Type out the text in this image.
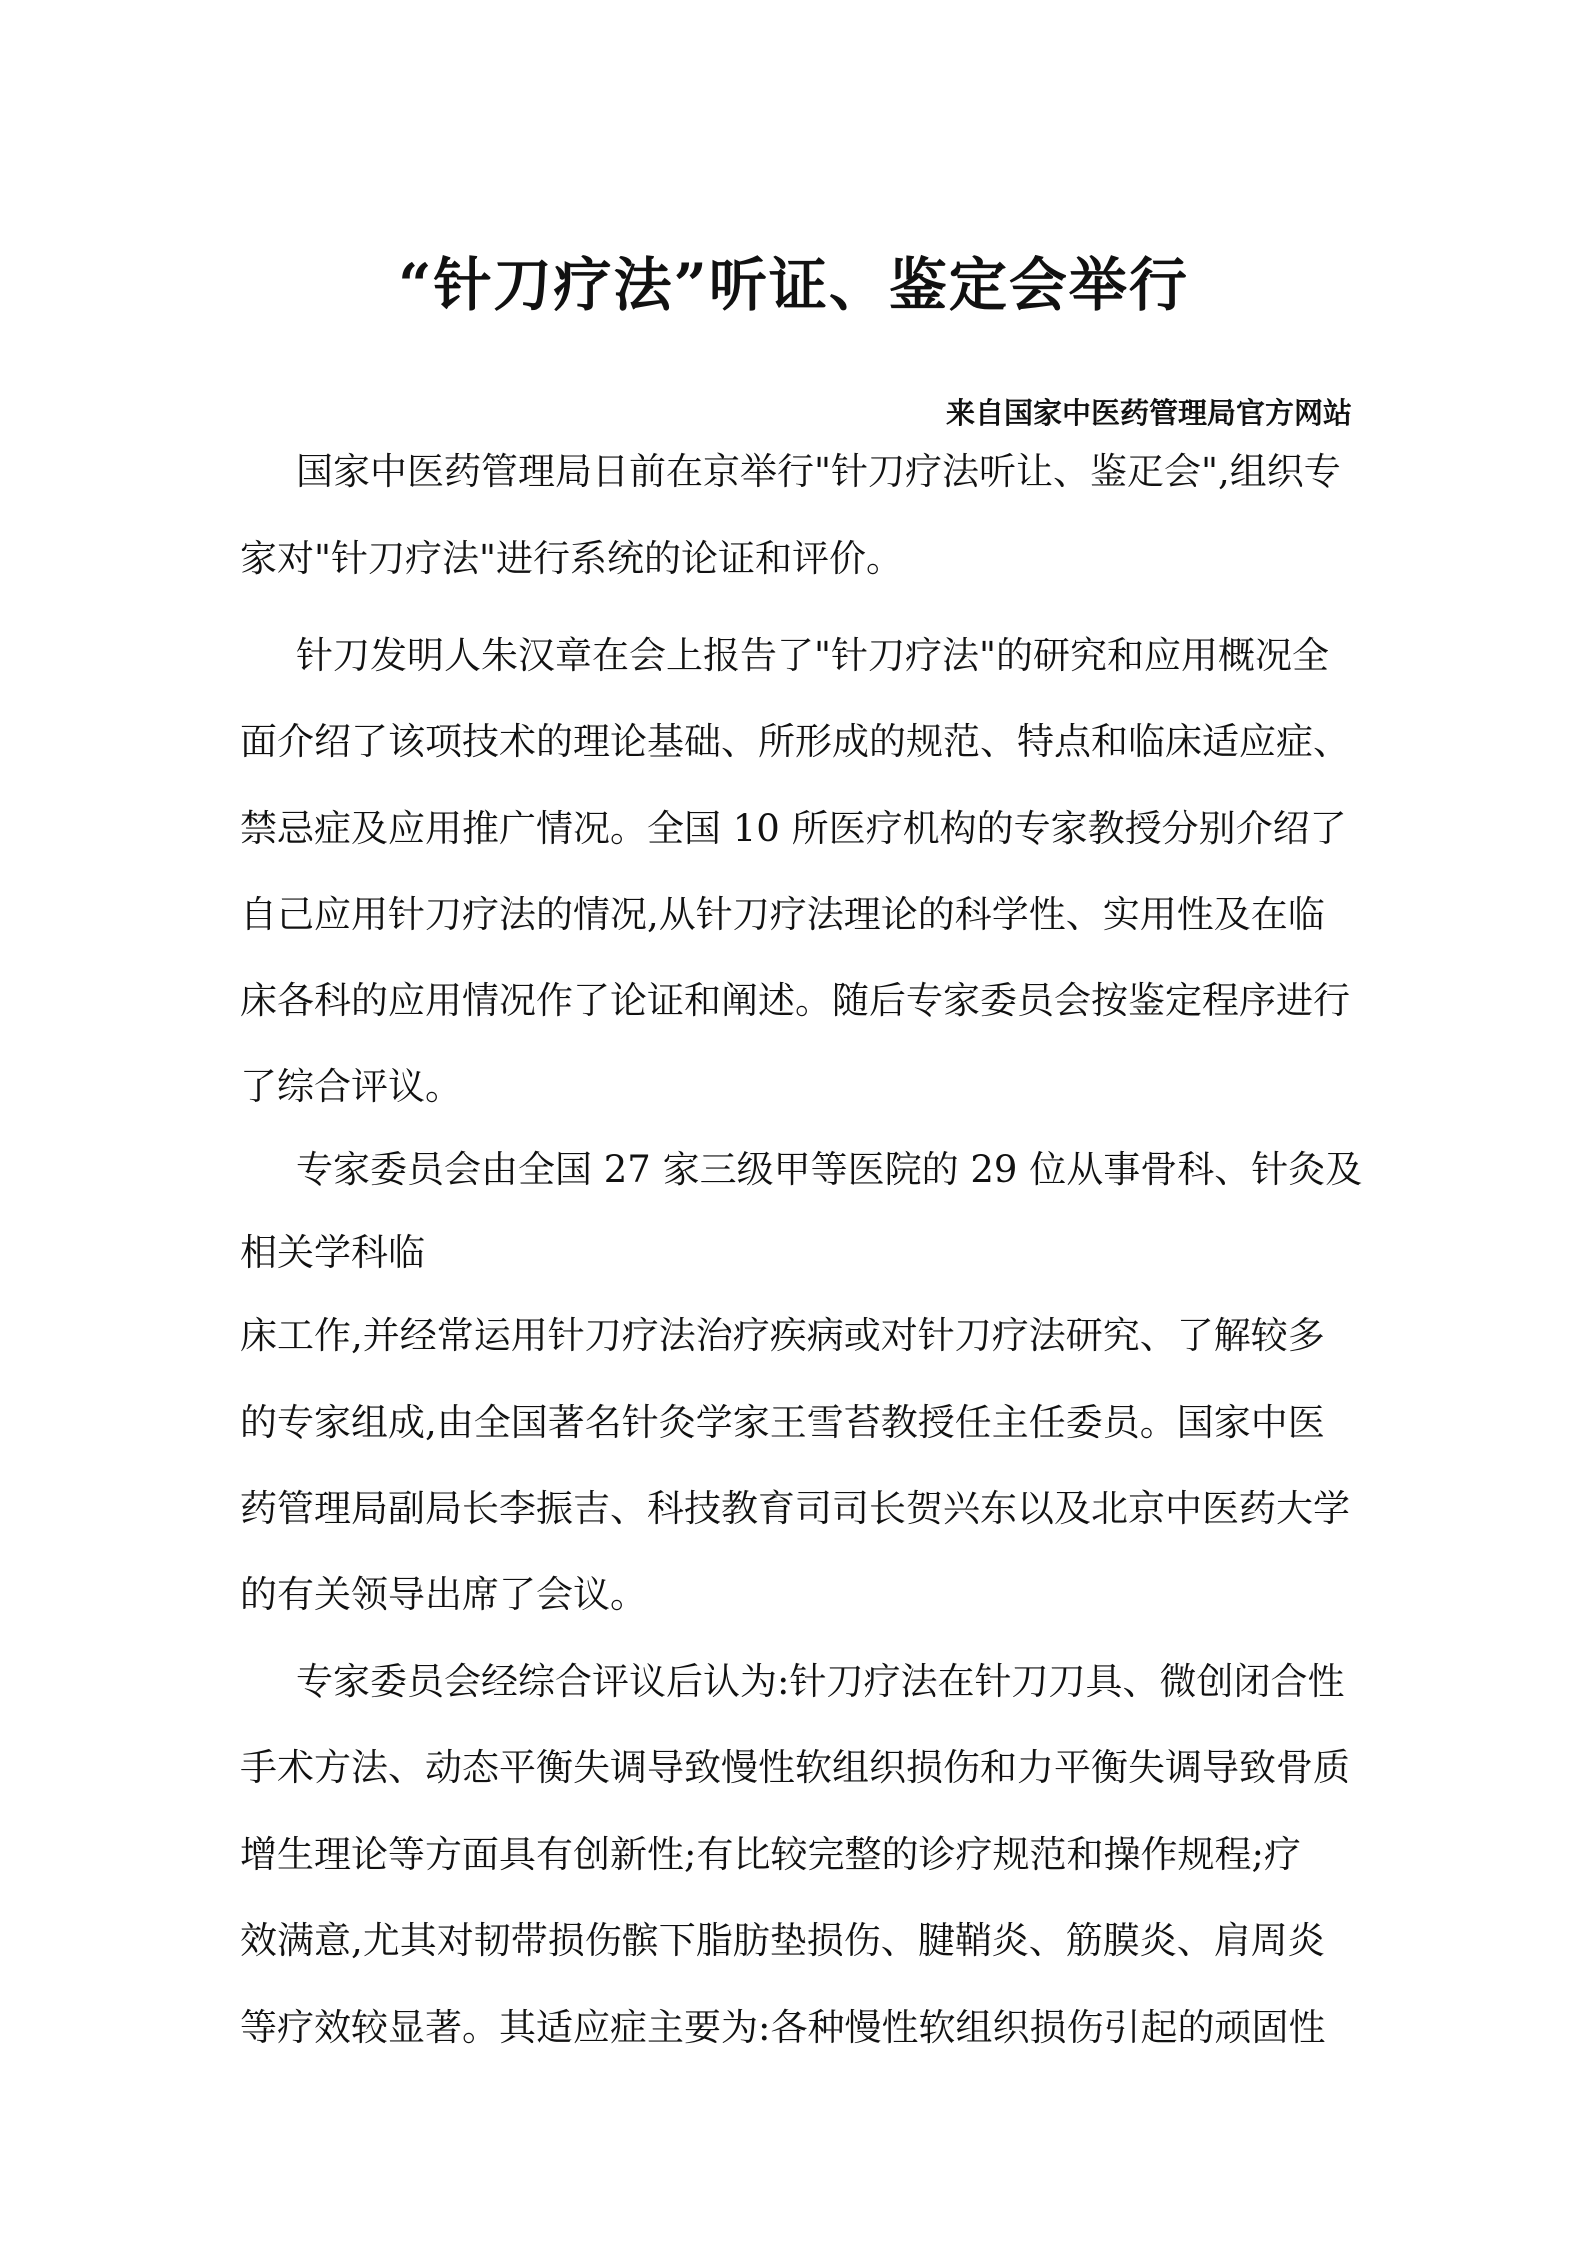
“针刀疗法”听证、鉴定会举行
来自国家中医药管理局官方网站
国家中医药管理局日前在京举行"针刀疗法听让、鉴疋会",组织专
家对"针刀疗法"进行系统的论证和评价。
针刀发明人朱汉章在会上报告了"针刀疗法"的研究和应用概况全
面介绍了该项技术的理论基础、所形成的规范、特点和临床适应症、
禁忌症及应用推广情况。全国 10 所医疗机构的专家教授分别介绍了
自己应用针刀疗法的情况,从针刀疗法理论的科学性、实用性及在临
床各科的应用情况作了论证和阐述。随后专家委员会按鉴定程序进行
了综合评议。
专家委员会由全国 27 家三级甲等医院的 29 位从事骨科、针灸及
相关学科临
床工作,并经常运用针刀疗法治疗疾病或对针刀疗法研究、了解较多
的专家组成,由全国著名针灸学家王雪苔教授任主任委员。国家中医
药管理局副局长李振吉、科技教育司司长贺兴东以及北京中医药大学
的有关领导出席了会议。
专家委员会经综合评议后认为:针刀疗法在针刀刀具、微创闭合性
手术方法、动态平衡失调导致慢性软组织损伤和力平衡失调导致骨质
增生理论等方面具有创新性;有比较完整的诊疗规范和操作规程;疗
效满意,尤其对韧带损伤髌下脂肪垫损伤、腱鞘炎、筋膜炎、肩周炎
等疗效较显著。其适应症主要为:各种慢性软组织损伤引起的顽固性
